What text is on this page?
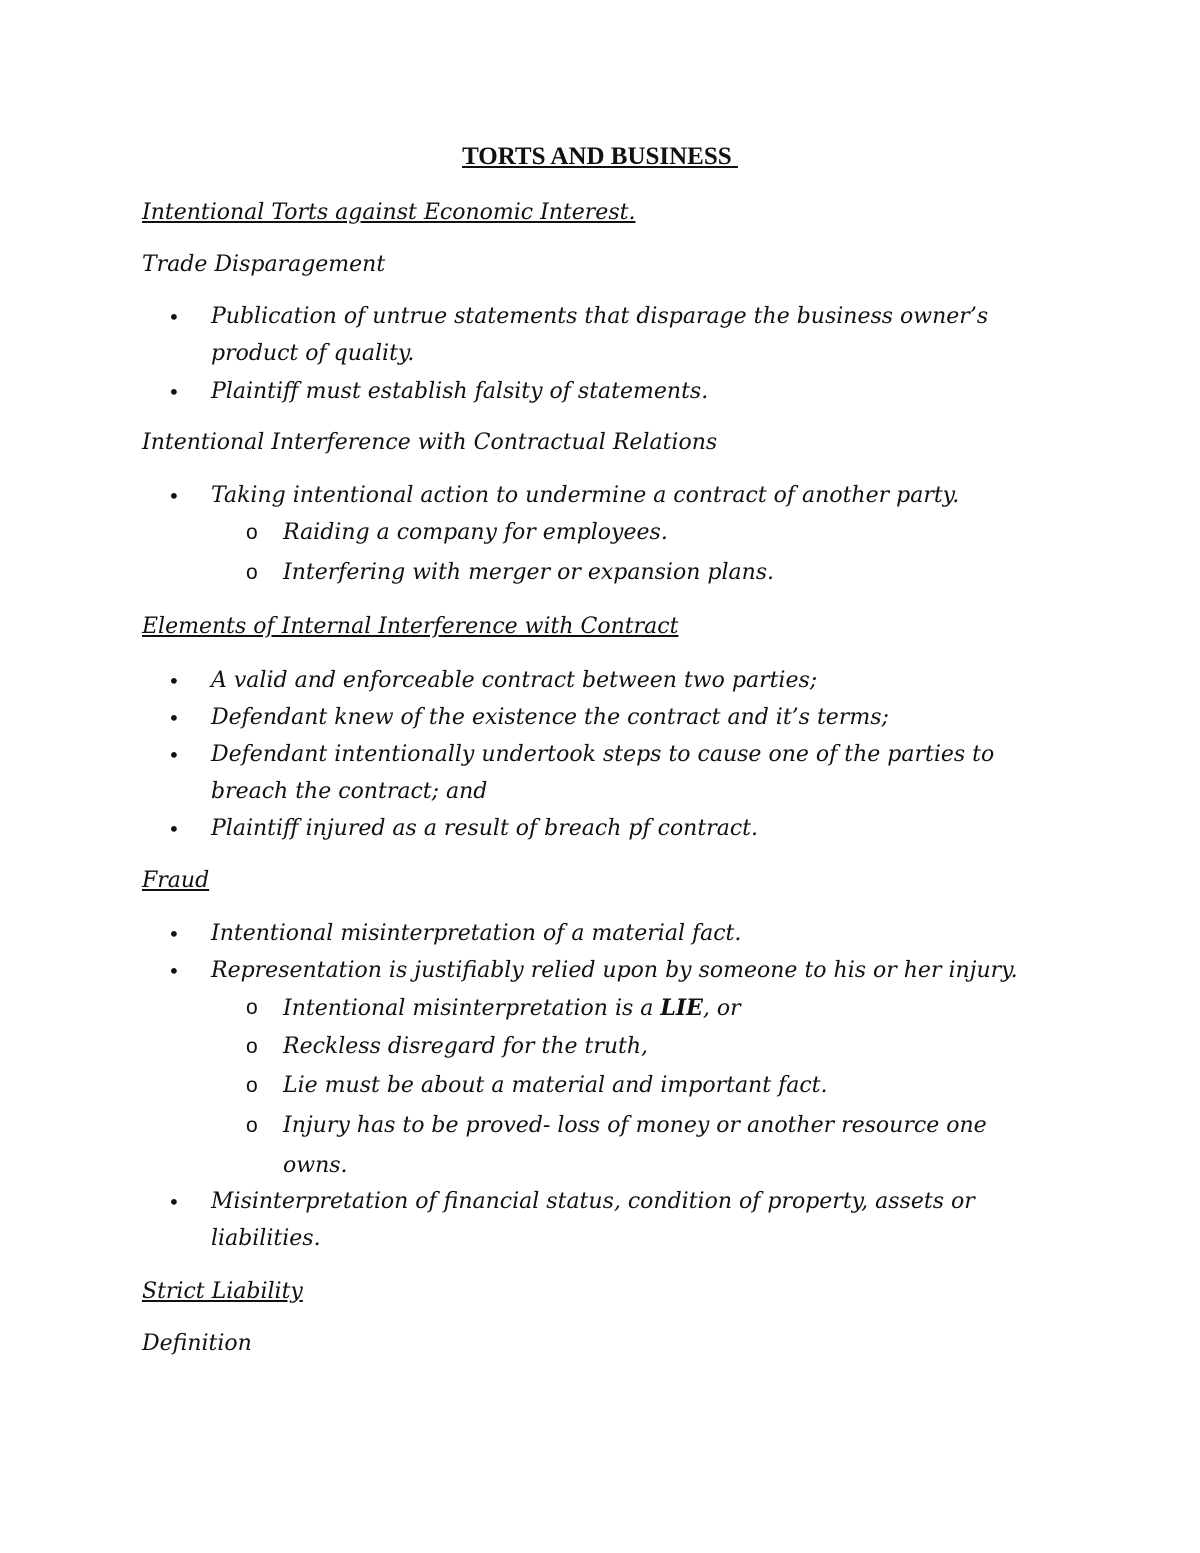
TORTS AND BUSINESS
Intentional Torts against Economic Interest.
Trade Disparagement
•	Publication of untrue statements that disparage the business owner’s product of quality.
•	Plaintiff must establish falsity of statements.
Intentional Interference with Contractual Relations
•	Taking intentional action to undermine a contract of another party.
o Raiding a company for employees.
o Interfering with merger or expansion plans.
Elements of Internal Interference with Contract
•	A valid and enforceable contract between two parties;
•	Defendant knew of the existence the contract and it’s terms;
•	Defendant intentionally undertook steps to cause one of the parties to breach the contract; and
•	Plaintiff injured as a result of breach pf contract.
Fraud
•	Intentional misinterpretation of a material fact.
•	Representation is justifiably relied upon by someone to his or her injury.
o Intentional misinterpretation is a LIE, or
o Reckless disregard for the truth,
o Lie must be about a material and important fact.
o Injury has to be proved- loss of money or another resource one owns.
•	Misinterpretation of financial status, condition of property, assets or liabilities.
Strict Liability
Definition
